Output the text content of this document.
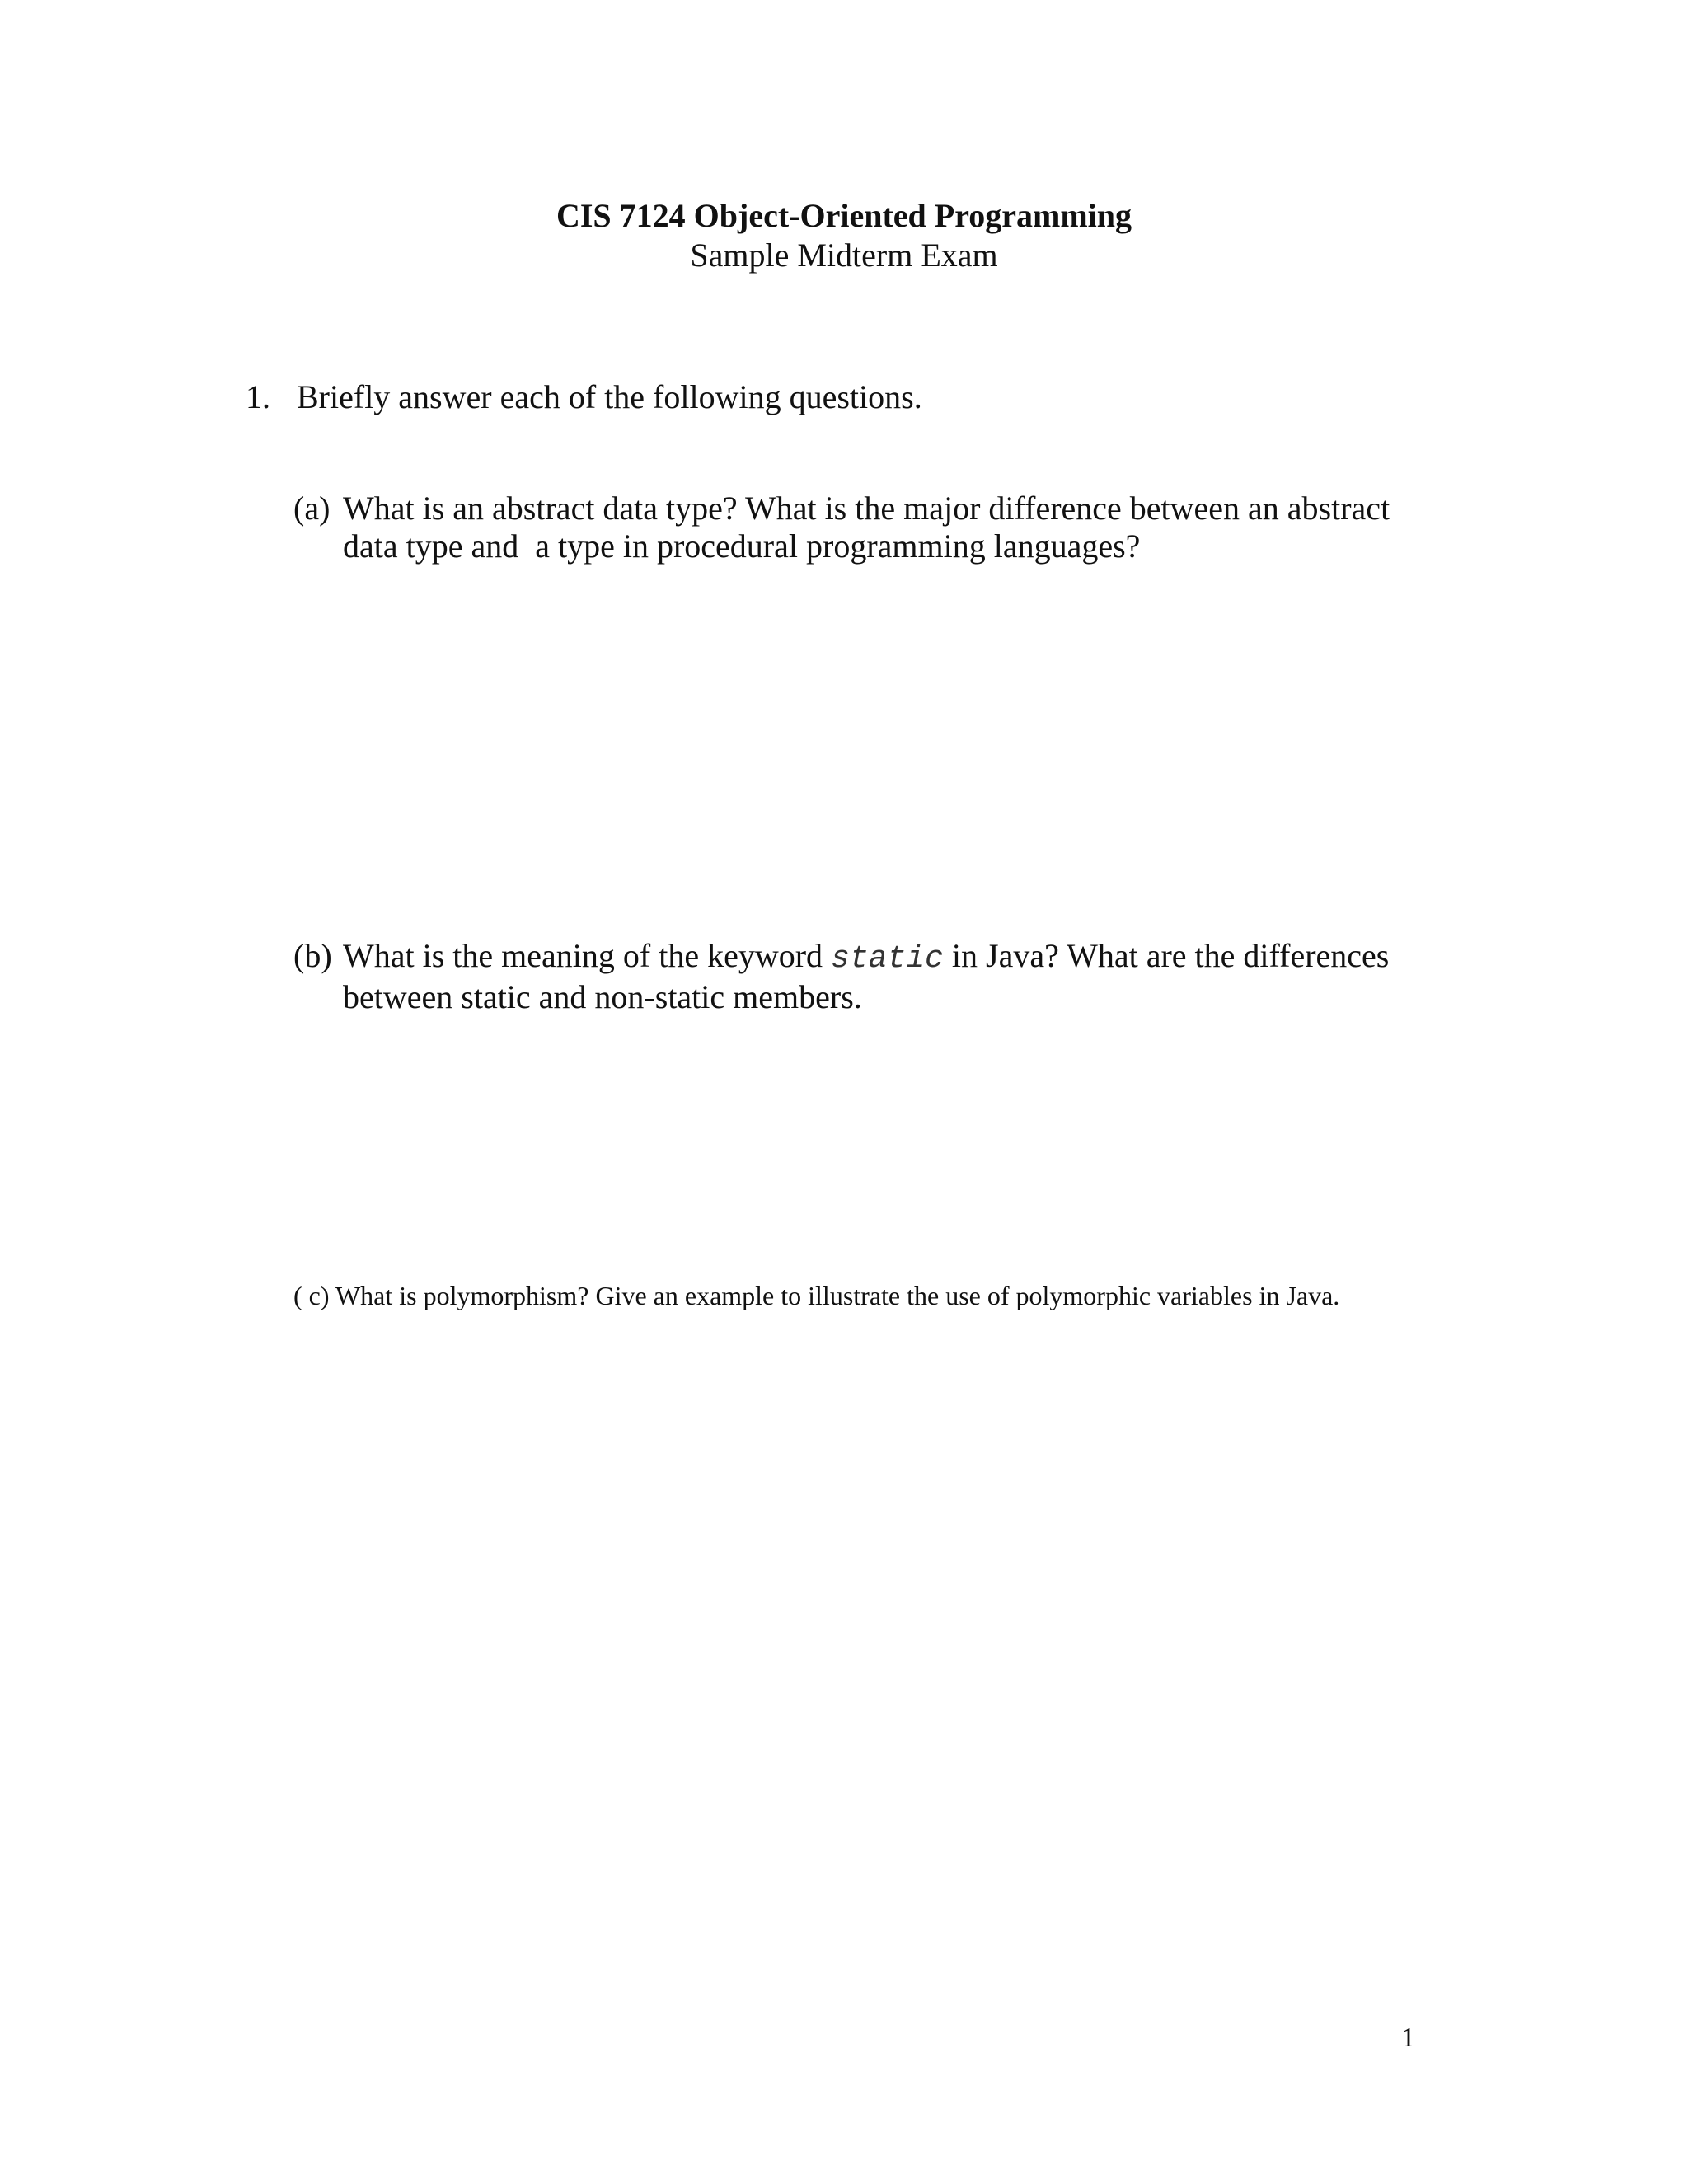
CIS 7124 Object-Oriented Programming
Sample Midterm Exam
1. Briefly answer each of the following questions.
(a) What is an abstract data type? What is the major difference between an abstract
data type and  a type in procedural programming languages?
(b) What is the meaning of the keyword static in Java? What are the differences
between static and non-static members.
( c) What is polymorphism? Give an example to illustrate the use of polymorphic variables in Java.
1
